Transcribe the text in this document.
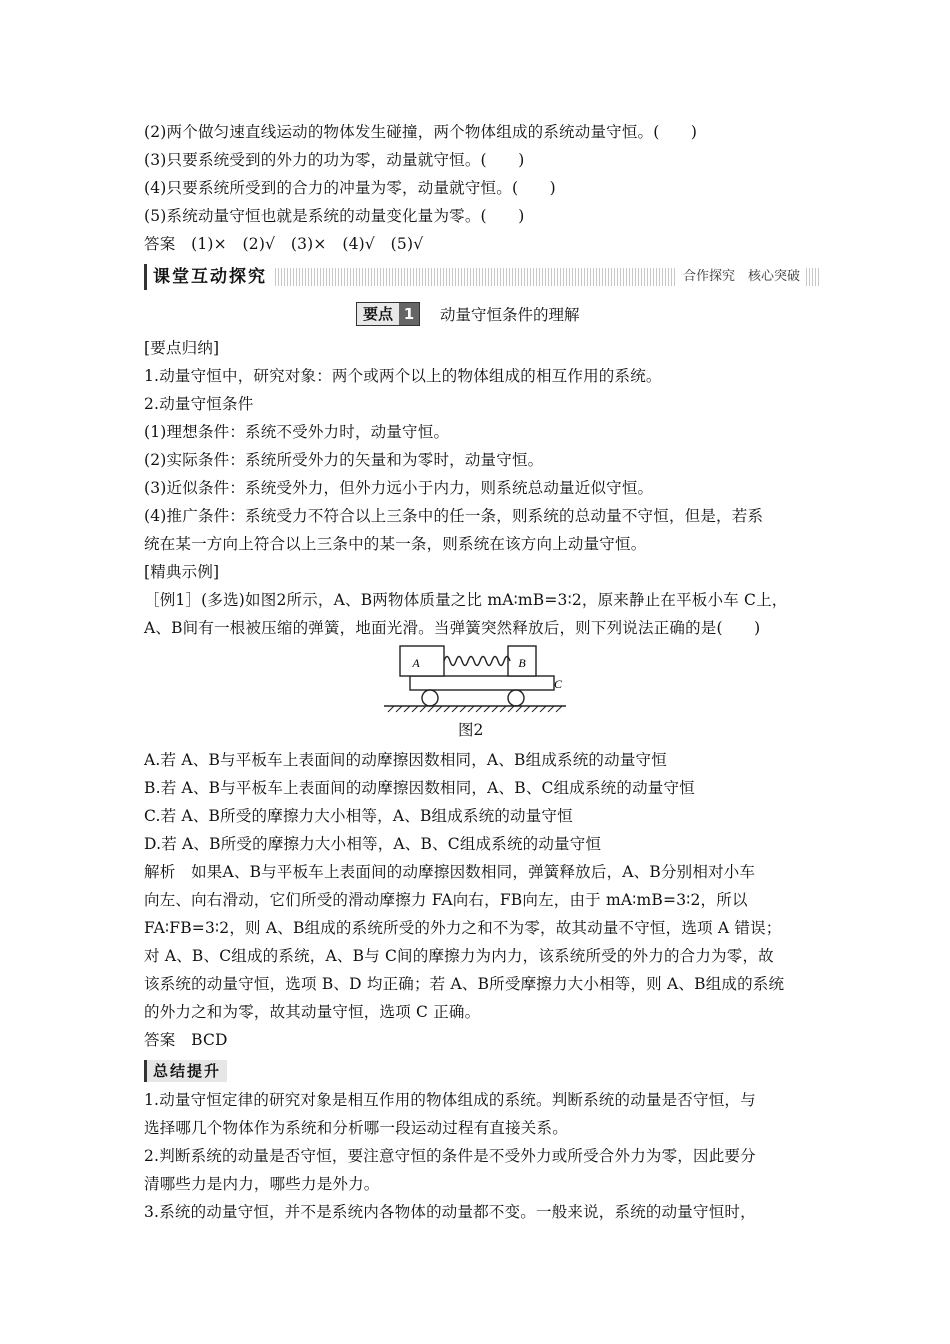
(2)两个做匀速直线运动的物体发生碰撞，两个物体组成的系统动量守恒。(　　)
(3)只要系统受到的外力的功为零，动量就守恒。(　　)
(4)只要系统所受到的合力的冲量为零，动量就守恒。(　　)
(5)系统动量守恒也就是系统的动量变化量为零。(　　)
答案　(1)×　(2)√　(3)×　(4)√　(5)√
课堂互动探究	合作探究　核心突破
要点 1	动量守恒条件的理解
[要点归纳]
1.动量守恒中，研究对象：两个或两个以上的物体组成的相互作用的系统。
2.动量守恒条件
(1)理想条件：系统不受外力时，动量守恒。
(2)实际条件：系统所受外力的矢量和为零时，动量守恒。
(3)近似条件：系统受外力，但外力远小于内力，则系统总动量近似守恒。
(4)推广条件：系统受力不符合以上三条中的任一条，则系统的总动量不守恒，但是，若系
统在某一方向上符合以上三条中的某一条，则系统在该方向上动量守恒。
[精典示例]
［例1］(多选)如图2所示，A、B两物体质量之比 mA∶mB=3∶2，原来静止在平板小车 C上，
A、B间有一根被压缩的弹簧，地面光滑。当弹簧突然释放后，则下列说法正确的是(　　)
A	B
C
图2
A.若 A、B与平板车上表面间的动摩擦因数相同，A、B组成系统的动量守恒
B.若 A、B与平板车上表面间的动摩擦因数相同，A、B、C组成系统的动量守恒
C.若 A、B所受的摩擦力大小相等，A、B组成系统的动量守恒
D.若 A、B所受的摩擦力大小相等，A、B、C组成系统的动量守恒
解析　如果A、B与平板车上表面间的动摩擦因数相同，弹簧释放后，A、B分别相对小车
向左、向右滑动，它们所受的滑动摩擦力 FA向右，FB向左，由于 mA∶mB=3∶2，所以
FA∶FB=3∶2，则 A、B组成的系统所受的外力之和不为零，故其动量不守恒，选项 A 错误；
对 A、B、C组成的系统，A、B与 C间的摩擦力为内力，该系统所受的外力的合力为零，故
该系统的动量守恒，选项 B、D 均正确；若 A、B所受摩擦力大小相等，则 A、B组成的系统
的外力之和为零，故其动量守恒，选项 C 正确。
答案　BCD
总结提升
1.动量守恒定律的研究对象是相互作用的物体组成的系统。判断系统的动量是否守恒，与
选择哪几个物体作为系统和分析哪一段运动过程有直接关系。
2.判断系统的动量是否守恒，要注意守恒的条件是不受外力或所受合外力为零，因此要分
清哪些力是内力，哪些力是外力。
3.系统的动量守恒，并不是系统内各物体的动量都不变。一般来说，系统的动量守恒时，
